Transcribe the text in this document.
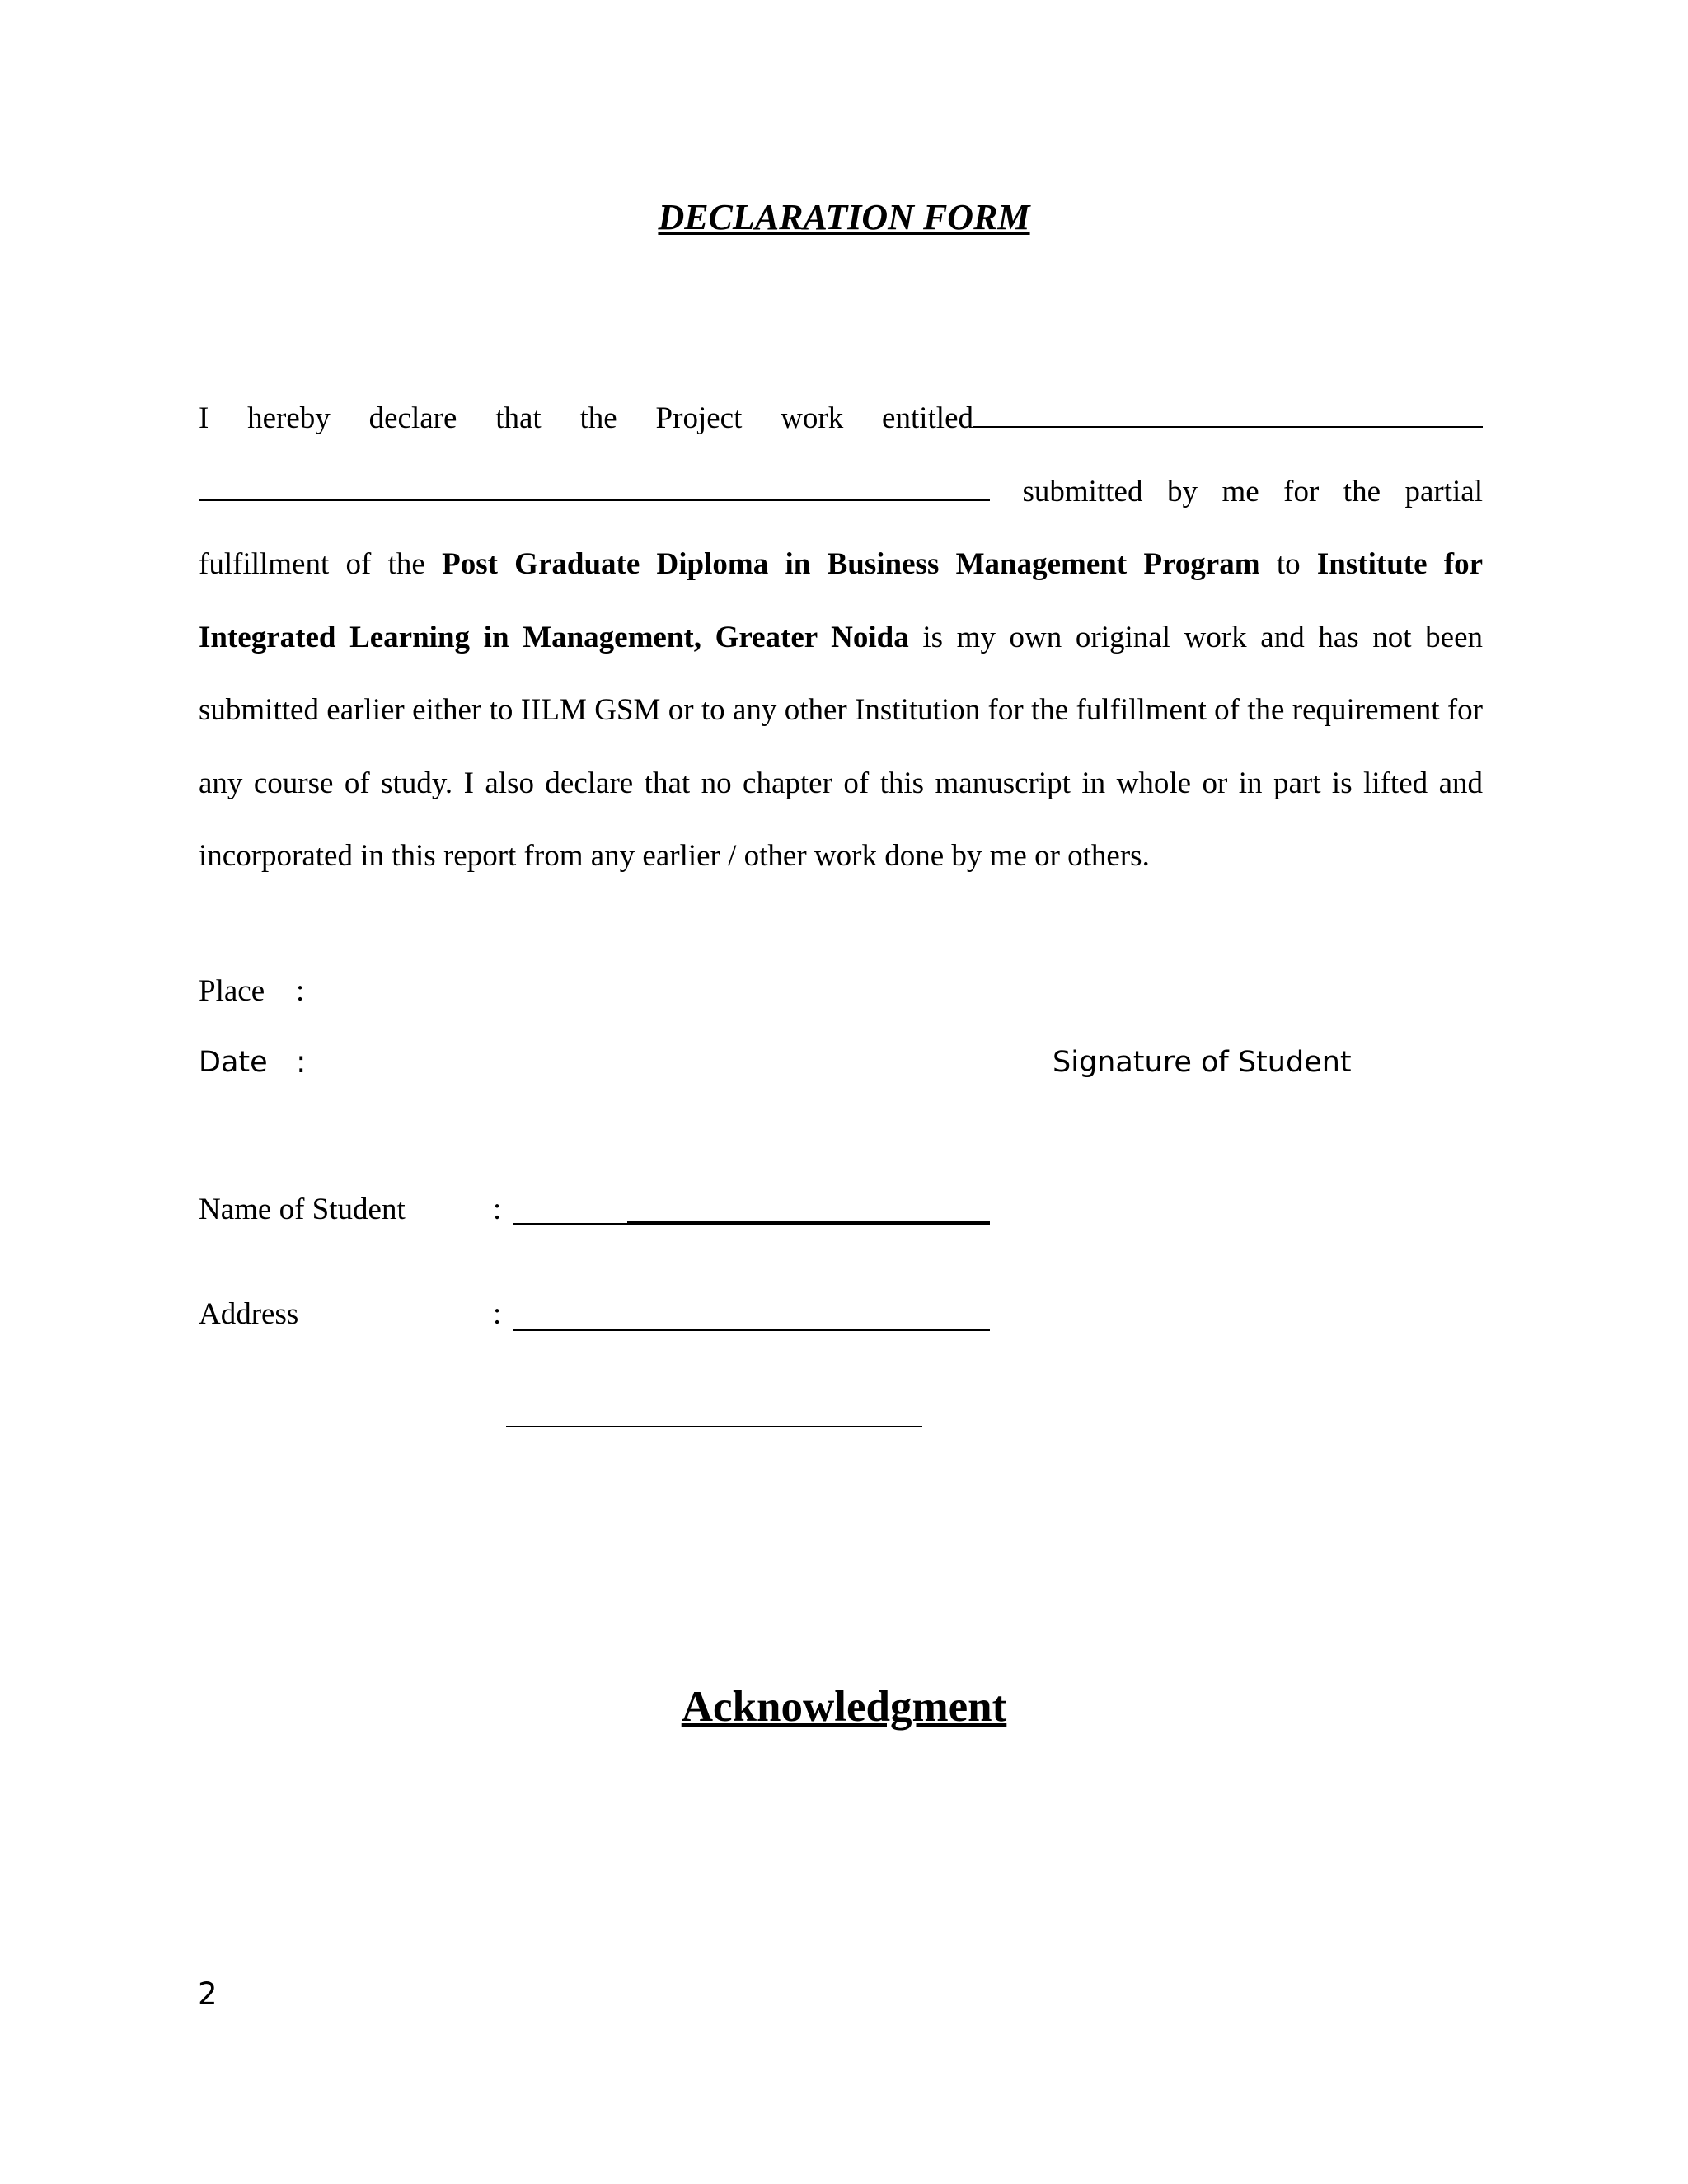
DECLARATION FORM

I hereby declare that the Project work entitled  submitted by me for the partial fulfillment of the Post Graduate Diploma in Business Management Program to Institute for Integrated Learning in Management, Greater Noida is my own original work and has not been submitted earlier either to IILM GSM or to any other Institution for the fulfillment of the requirement for any course of study. I also declare that no chapter of this manuscript in whole or in part is lifted and incorporated in this report from any earlier / other work done by me or others.

Place :
Date :	Signature of Student
Name of Student	:
Address	:
Acknowledgment
2
